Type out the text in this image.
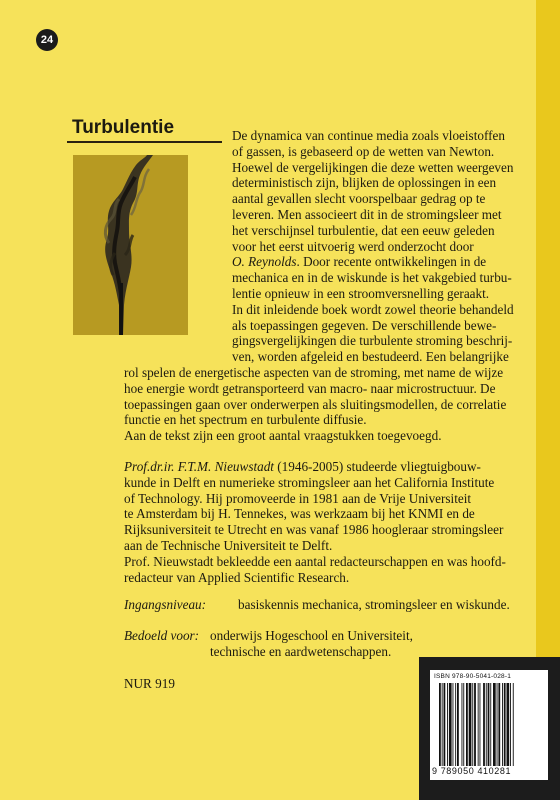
24
Turbulentie	De dynamica van continue media zoals vloeistoffen
of gassen, is gebaseerd op de wetten van Newton.
Hoewel de vergelijkingen die deze wetten weergeven
deterministisch zijn, blijken de oplossingen in een
aantal gevallen slecht voorspelbaar gedrag op te
leveren. Men associeert dit in de stromingsleer met
het verschijnsel turbulentie, dat een eeuw geleden
voor het eerst uitvoerig werd onderzocht door
O. Reynolds. Door recente ontwikkelingen in de
mechanica en in de wiskunde is het vakgebied turbu-
lentie opnieuw in een stroomversnelling geraakt.
In dit inleidende boek wordt zowel theorie behandeld
als toepassingen gegeven. De verschillende bewe-
gingsvergelijkingen die turbulente stroming beschrij-
ven, worden afgeleid en bestudeerd. Een belangrijke
rol spelen de energetische aspecten van de stroming, met name de wijze
hoe energie wordt getransporteerd van macro- naar microstructuur. De
toepassingen gaan over onderwerpen als sluitingsmodellen, de correlatie
functie en het spectrum en turbulente diffusie.
Aan de tekst zijn een groot aantal vraagstukken toegevoegd.
Prof.dr.ir. F.T.M. Nieuwstadt (1946-2005) studeerde vliegtuigbouw-
kunde in Delft en numerieke stromingsleer aan het California Institute
of Technology. Hij promoveerde in 1981 aan de Vrije Universiteit
te Amsterdam bij H. Tennekes, was werkzaam bij het KNMI en de
Rijksuniversiteit te Utrecht en was vanaf 1986 hoogleraar stromingsleer
aan de Technische Universiteit te Delft.
Prof. Nieuwstadt bekleedde een aantal redacteurschappen en was hoofd-
redacteur van Applied Scientific Research.
Ingangsniveau: basiskennis mechanica, stromingsleer en wiskunde.
Bedoeld voor: onderwijs Hogeschool en Universiteit,
technische en aardwetenschappen.
NUR 919	ISBN 978-90-5041-028-1
9 789050 410281
